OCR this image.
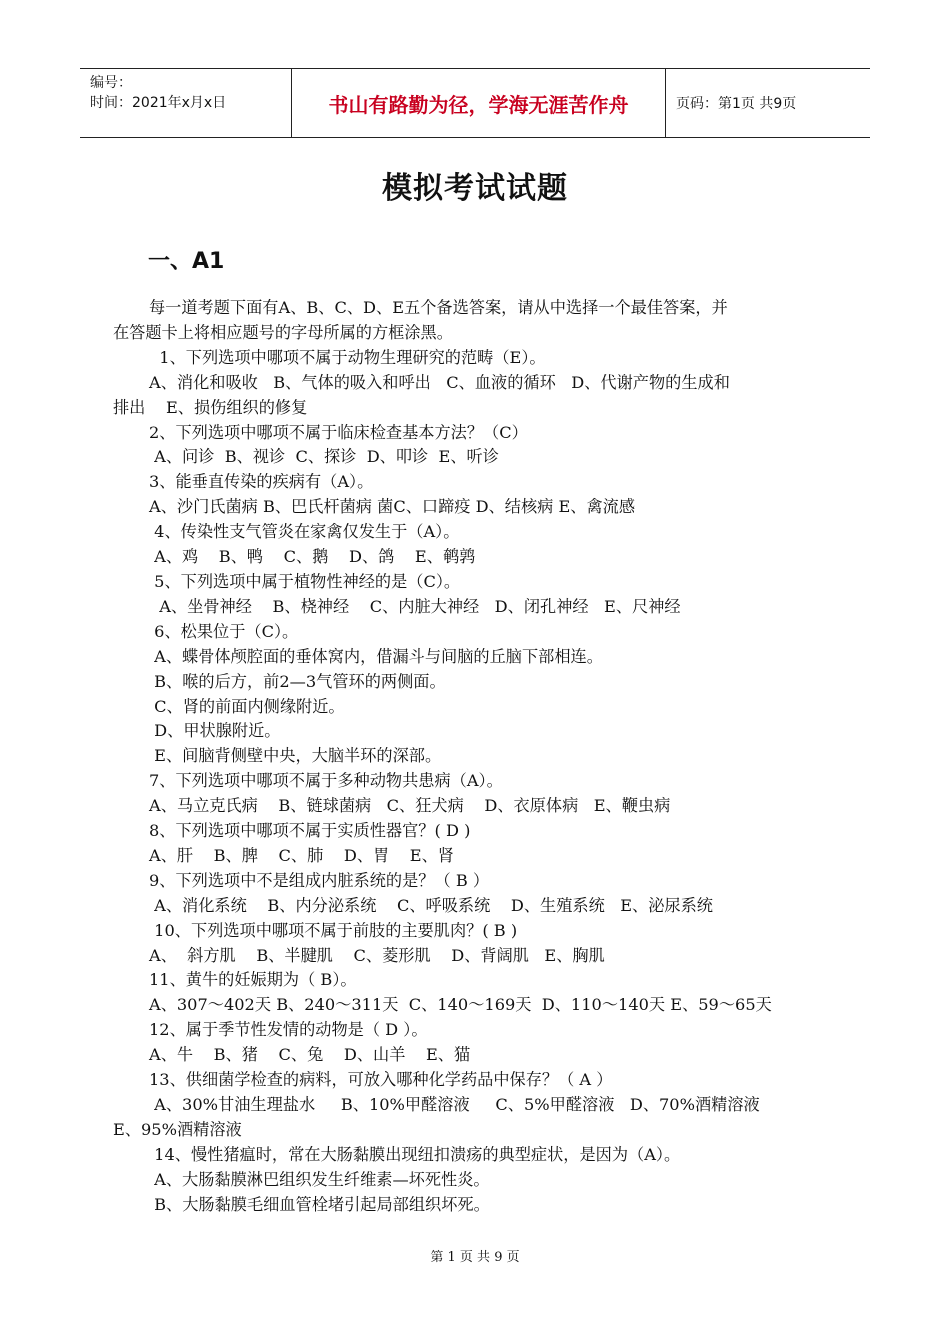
编号：
时间：2021年x月x日	书山有路勤为径，学海无涯苦作舟	页码：第1页 共9页
模拟考试试题
一、A1

每一道考题下面有A、B、C、D、E五个备选答案，请从中选择一个最佳答案，并

在答题卡上将相应题号的字母所属的方框涂黑。

1、下列选项中哪项不属于动物生理研究的范畴（E）。

A、消化和吸收   B、气体的吸入和呼出   C、血液的循环   D、代谢产物的生成和

排出    E、损伤组织的修复

2、下列选项中哪项不属于临床检查基本方法？（C）

A、问诊  B、视诊  C、探诊  D、叩诊  E、听诊

3、能垂直传染的疾病有（A）。

A、沙门氏菌病 B、巴氏杆菌病 菌C、口蹄疫 D、结核病 E、禽流感

4、传染性支气管炎在家禽仅发生于（A）。

A、鸡    B、鸭    C、鹅    D、鸽    E、鹌鹑

5、下列选项中属于植物性神经的是（C）。

A、坐骨神经    B、桡神经    C、内脏大神经   D、闭孔神经   E、尺神经

6、松果位于（C）。

A、蝶骨体颅腔面的垂体窝内，借漏斗与间脑的丘脑下部相连。

B、喉的后方，前2—3气管环的两侧面。

C、肾的前面内侧缘附近。

D、甲状腺附近。

E、间脑背侧壁中央，大脑半环的深部。

7、下列选项中哪项不属于多种动物共患病（A）。

A、马立克氏病    B、链球菌病   C、狂犬病    D、衣原体病   E、鞭虫病

8、下列选项中哪项不属于实质性器官？( D )

A、肝    B、脾    C、肺    D、胃    E、肾

9、下列选项中不是组成内脏系统的是？（ B ）

A、消化系统    B、内分泌系统    C、呼吸系统    D、生殖系统   E、泌尿系统

10、下列选项中哪项不属于前肢的主要肌肉？( B )

A、  斜方肌    B、半腱肌    C、菱形肌    D、背阔肌   E、胸肌

11、黄牛的妊娠期为（ B）。

A、307～402天 B、240～311天  C、140～169天  D、110～140天 E、59～65天

12、属于季节性发情的动物是（ D ）。

A、牛    B、猪    C、兔    D、山羊    E、猫

13、供细菌学检查的病料，可放入哪种化学药品中保存？（ A ）

A、30%甘油生理盐水     B、10%甲醛溶液     C、5%甲醛溶液   D、70%酒精溶液

E、95%酒精溶液

14、慢性猪瘟时，常在大肠黏膜出现纽扣溃疡的典型症状，是因为（A）。

A、大肠黏膜淋巴组织发生纤维素—坏死性炎。

B、大肠黏膜毛细血管栓堵引起局部组织坏死。

第 1 页 共 9 页
